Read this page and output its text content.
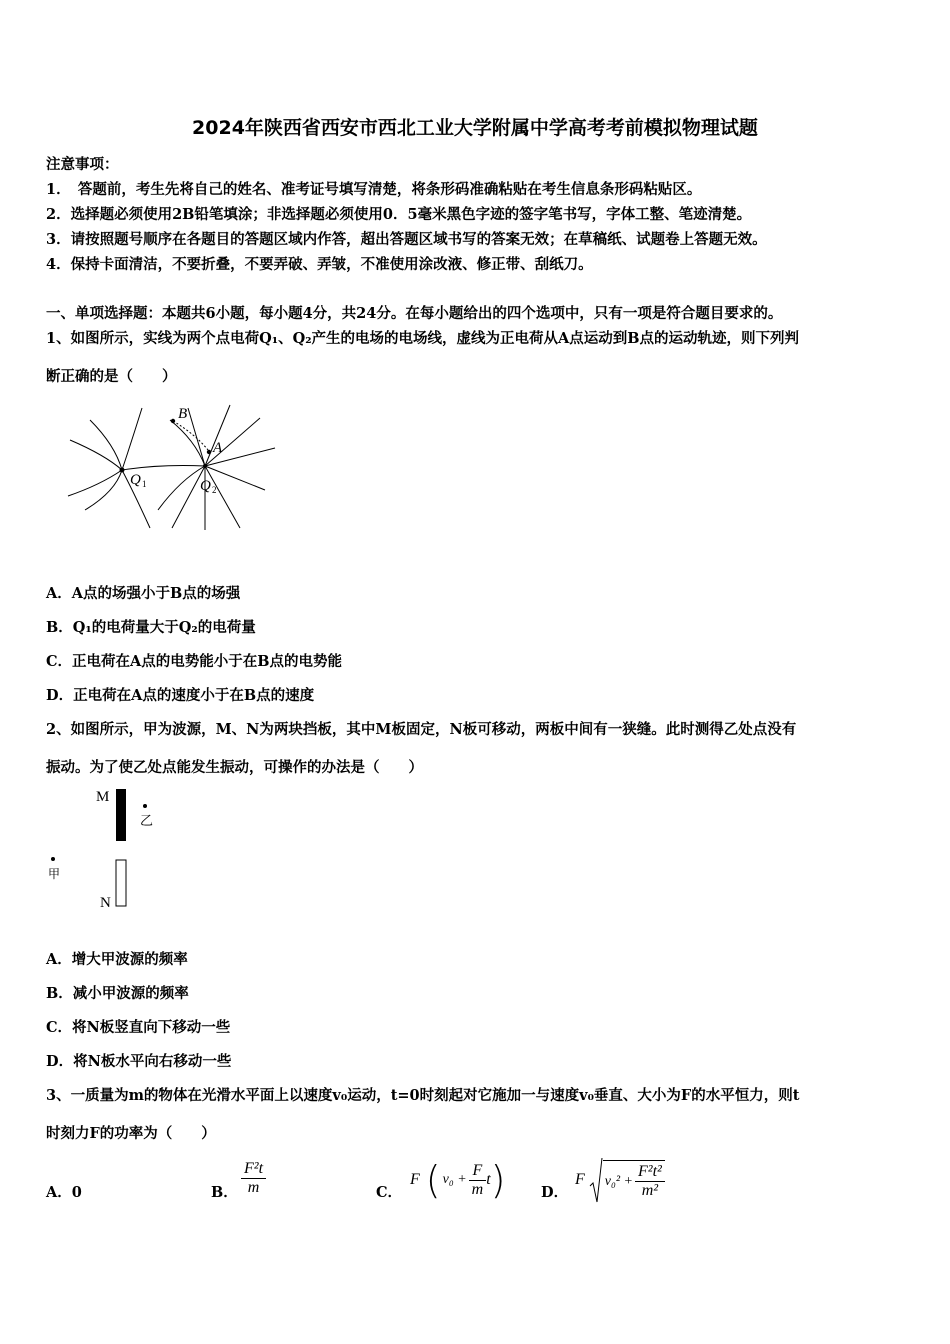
2024年陕西省西安市西北工业大学附属中学高考考前模拟物理试题
注意事项：
1．　答题前，考生先将自己的姓名、准考证号填写清楚，将条形码准确粘贴在考生信息条形码粘贴区。
2．选择题必须使用2B铅笔填涂；非选择题必须使用0．5毫米黑色字迹的签字笔书写，字体工整、笔迹清楚。
3．请按照题号顺序在各题目的答题区域内作答，超出答题区域书写的答案无效；在草稿纸、试题卷上答题无效。
4．保持卡面清洁，不要折叠，不要弄破、弄皱，不准使用涂改液、修正带、刮纸刀。
一、单项选择题：本题共6小题，每小题4分，共24分。在每小题给出的四个选项中，只有一项是符合题目要求的。
1、如图所示，实线为两个点电荷Q₁、Q₂产生的电场的电场线，虚线为正电荷从A点运动到B点的运动轨迹，则下列判
断正确的是（　　）
B
A
Q 1	Q 2
A．A点的场强小于B点的场强
B．Q₁的电荷量大于Q₂的电荷量
C．正电荷在A点的电势能小于在B点的电势能
D．正电荷在A点的速度小于在B点的速度
2、如图所示，甲为波源，M、N为两块挡板，其中M板固定，N板可移动，两板中间有一狭缝。此时测得乙处点没有
振动。为了使乙处点能发生振动，可操作的办法是（　　）
M
N
乙
甲
A．增大甲波源的频率
B．减小甲波源的频率
C．将N板竖直向下移动一些
D．将N板水平向右移动一些
3、一质量为m的物体在光滑水平面上以速度v₀运动，t=0时刻起对它施加一与速度v₀垂直、大小为F的水平恒力，则t
时刻力F的功率为（　　）
A．0	B． $\frac{\text{F²t}}{m}$	C．
F ( $v_0 + \frac{F}{m}$ t ) D．
F $v_0^2 + \frac{\text{F²t²}}{\text{m²}}$
